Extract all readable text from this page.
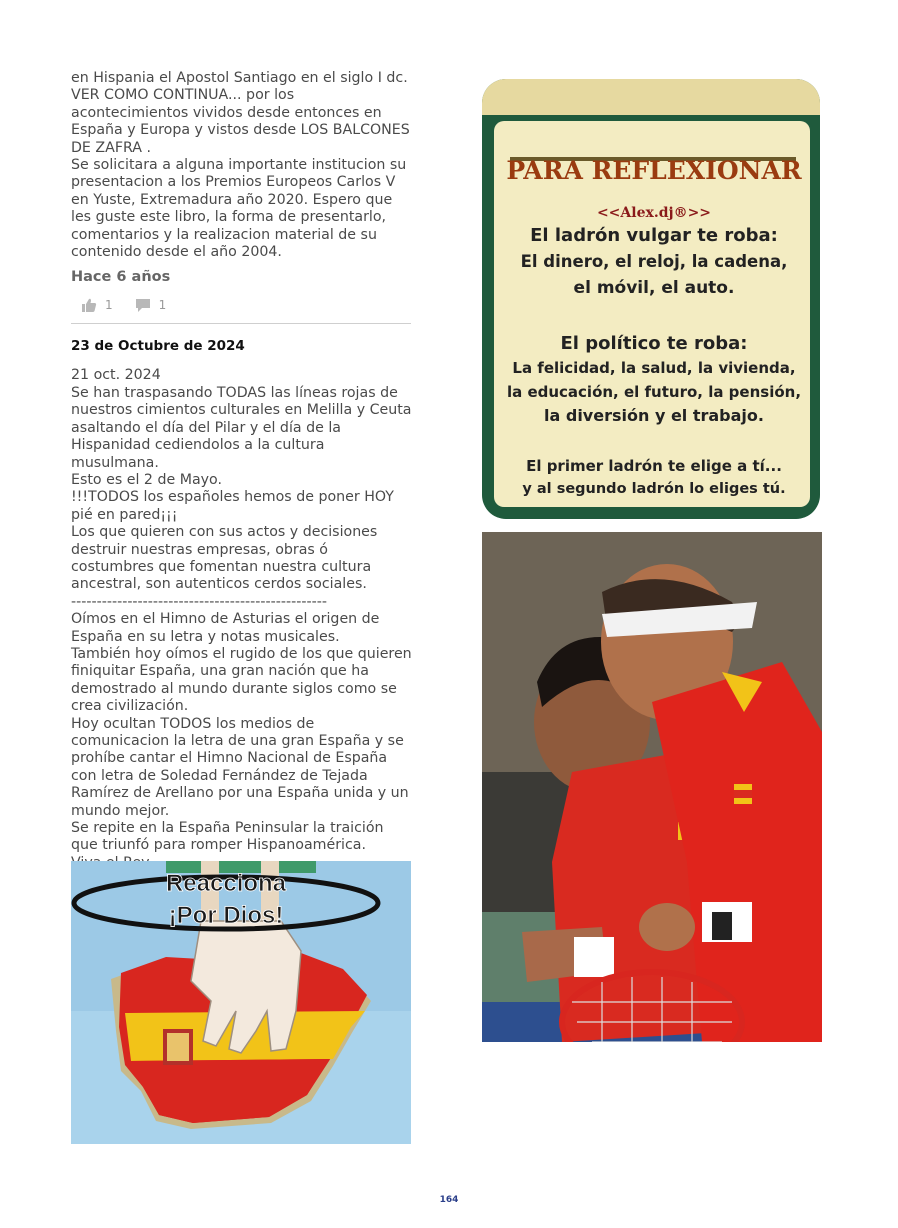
en Hispania el Apostol Santiago en el siglo I dc.
VER COMO CONTINUA... por los acontecimientos vividos desde entonces en España y Europa y vistos desde LOS BALCONES DE ZAFRA .
Se solicitara a alguna importante institucion su presentacion a los Premios Europeos Carlos V en Yuste, Extremadura año 2020. Espero que les guste este libro, la forma de presentarlo, comentarios y la realizacion material de su contenido desde el año 2004.

Hace 6 años
1	1
23 de Octubre de 2024
21 oct. 2024

Se han traspasando TODAS las líneas rojas de nuestros cimientos culturales en Melilla y Ceuta asaltando el día del Pilar y el día de la Hispanidad cediendolos a la cultura musulmana.
Esto es el 2 de Mayo.
!!!TODOS los españoles hemos de poner HOY pié en pared¡¡¡
Los que quieren con sus actos y decisiones destruir nuestras empresas, obras ó costumbres que fomentan nuestra cultura ancestral, son autenticos cerdos sociales.
--------------------------------------------------
Oímos en el Himno de Asturias el origen de España en su letra y notas musicales.
También hoy oímos el rugido de los que quieren finiquitar España, una gran nación que ha demostrado al mundo durante siglos como se crea civilización.
Hoy ocultan TODOS los medios de comunicacion la letra de una gran España y se prohíbe cantar el Himno Nacional de España con letra de Soledad Fernández de Tejada Ramírez de Arellano por una España unida y un mundo mejor.
Se repite en la España Peninsular la traición que triunfó para romper Hispanoamérica.

Reacciona
¡Por Dios!
PARA REFLEXIONAR
<<Alex.dj®>>
El ladrón vulgar te roba:
El dinero, el reloj, la cadena,
el móvil, el auto.
El político te roba:
La felicidad, la salud, la vivienda,
la educación, el futuro, la pensión,
la diversión y el trabajo.
El primer ladrón te elige a tí...
y al segundo ladrón lo eliges tú.
164
